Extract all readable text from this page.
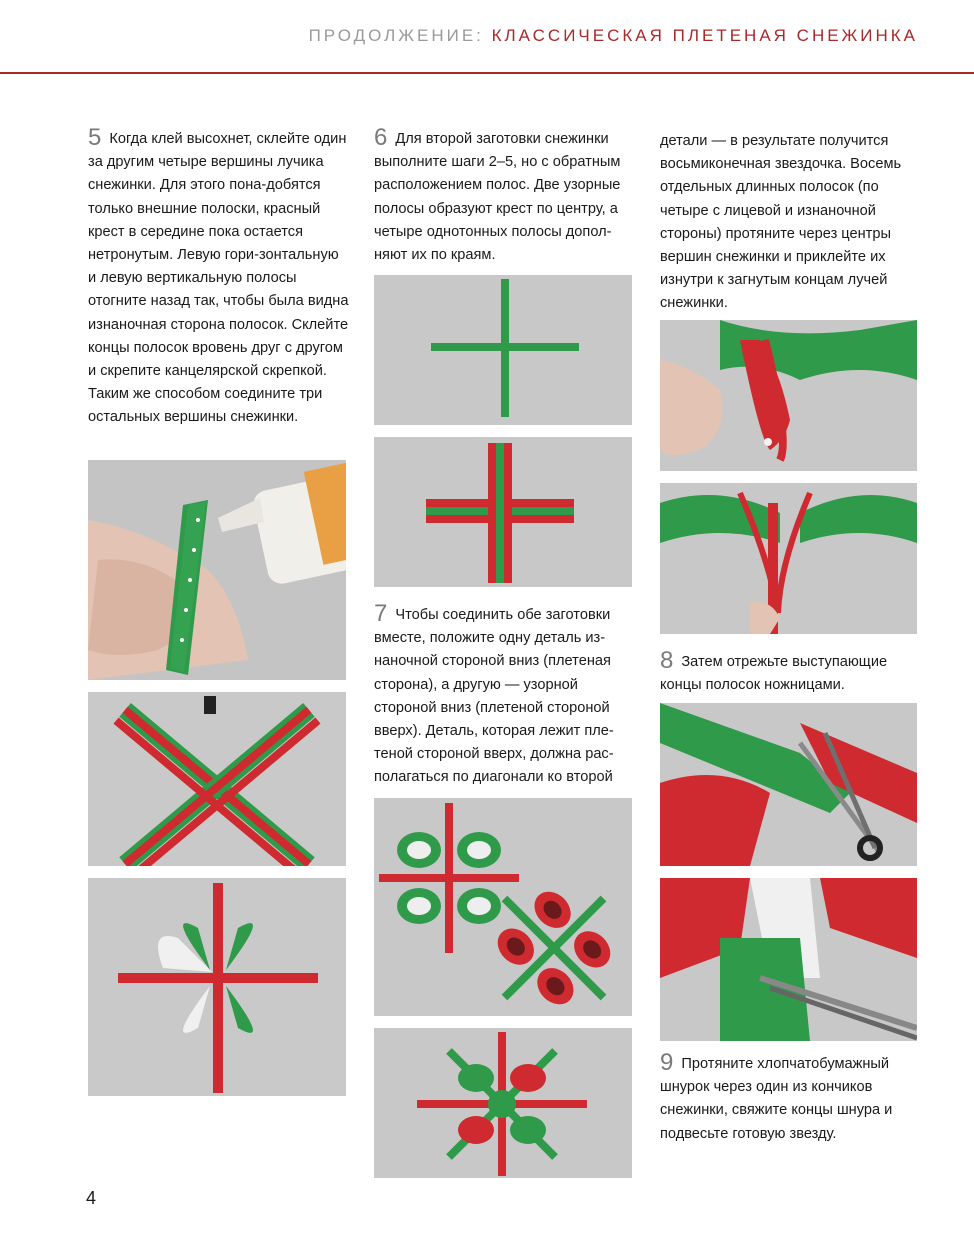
ПРОДОЛЖЕНИЕ: КЛАССИЧЕСКАЯ ПЛЕТЕНАЯ СНЕЖИНКА
5 Когда клей высохнет, склейте один за другим четыре вершины лучика снежинки. Для этого пона-добятся только внешние полоски, красный крест в середине пока остается нетронутым. Левую гори-зонтальную и левую вертикальную полосы отогните назад так, чтобы была видна изнаночная сторона полосок. Склейте концы полосок вровень друг с другом и скрепите канцелярской скрепкой. Таким же способом соедините три остальных вершины снежинки.
6 Для второй заготовки снежинки выполните шаги 2–5, но с обратным расположением полос. Две узорные полосы образуют крест по центру, а четыре однотонных полосы допол-няют их по краям.
7 Чтобы соединить обе заготовки вместе, положите одну деталь из-наночной стороной вниз (плетеная сторона), а другую — узорной стороной вниз (плетеной стороной вверх). Деталь, которая лежит пле-теной стороной вверх, должна рас-полагаться по диагонали ко второй
детали — в результате получится восьмиконечная звездочка. Восемь отдельных длинных полосок (по четыре с лицевой и изнаночной стороны) протяните через центры вершин снежинки и приклейте их изнутри к загнутым концам лучей снежинки.
8 Затем отрежьте выступающие концы полосок ножницами.
9 Протяните хлопчатобумажный шнурок через один из кончиков снежинки, свяжите концы шнура и подвесьте готовую звезду.
4
